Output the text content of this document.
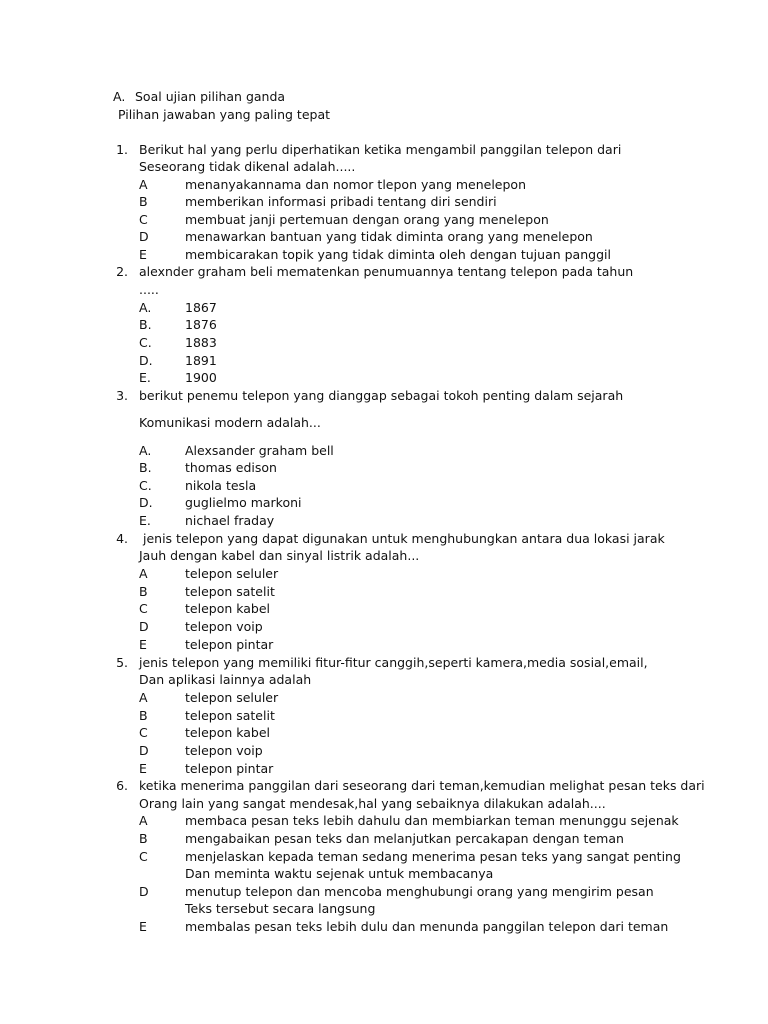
A. Soal ujian pilihan ganda
Pilihan jawaban yang paling tepat
1. Berikut hal yang perlu diperhatikan ketika mengambil panggilan telepon dari
Seseorang tidak dikenal adalah.....
A	menanyakannama dan nomor tlepon yang menelepon
B	memberikan informasi pribadi tentang diri sendiri
C	membuat janji pertemuan dengan orang yang menelepon
D	menawarkan bantuan yang tidak diminta orang yang menelepon
E	membicarakan topik yang tidak diminta oleh dengan tujuan panggil
2. alexnder graham beli mematenkan penumuannya tentang telepon pada tahun
.....
A.	1867
B.	1876
C.	1883
D.	1891
E.	1900
3. berikut penemu telepon yang dianggap sebagai tokoh penting dalam sejarah
Komunikasi modern adalah...
A.	Alexsander graham bell
B.	thomas edison
C.	nikola tesla
D.	guglielmo markoni
E.	nichael fraday
4. jenis telepon yang dapat digunakan untuk menghubungkan antara dua lokasi jarak
Jauh dengan kabel dan sinyal listrik adalah...
A	telepon seluler
B	telepon satelit
C	telepon kabel
D	telepon voip
E	telepon pintar
5. jenis telepon yang memiliki fitur-fitur canggih,seperti kamera,media sosial,email,
Dan aplikasi lainnya adalah
A	telepon seluler
B	telepon satelit
C	telepon kabel
D	telepon voip
E	telepon pintar
6. ketika menerima panggilan dari seseorang dari teman,kemudian melighat pesan teks dari
Orang lain yang sangat mendesak,hal yang sebaiknya dilakukan adalah....
A	membaca pesan teks lebih dahulu dan membiarkan teman menunggu sejenak
B	mengabaikan pesan teks dan melanjutkan percakapan dengan teman
C	menjelaskan kepada teman sedang menerima pesan teks yang sangat penting
Dan meminta waktu sejenak untuk membacanya
D	menutup telepon dan mencoba menghubungi orang yang mengirim pesan
Teks tersebut secara langsung
E	membalas pesan teks lebih dulu dan menunda panggilan telepon dari teman
